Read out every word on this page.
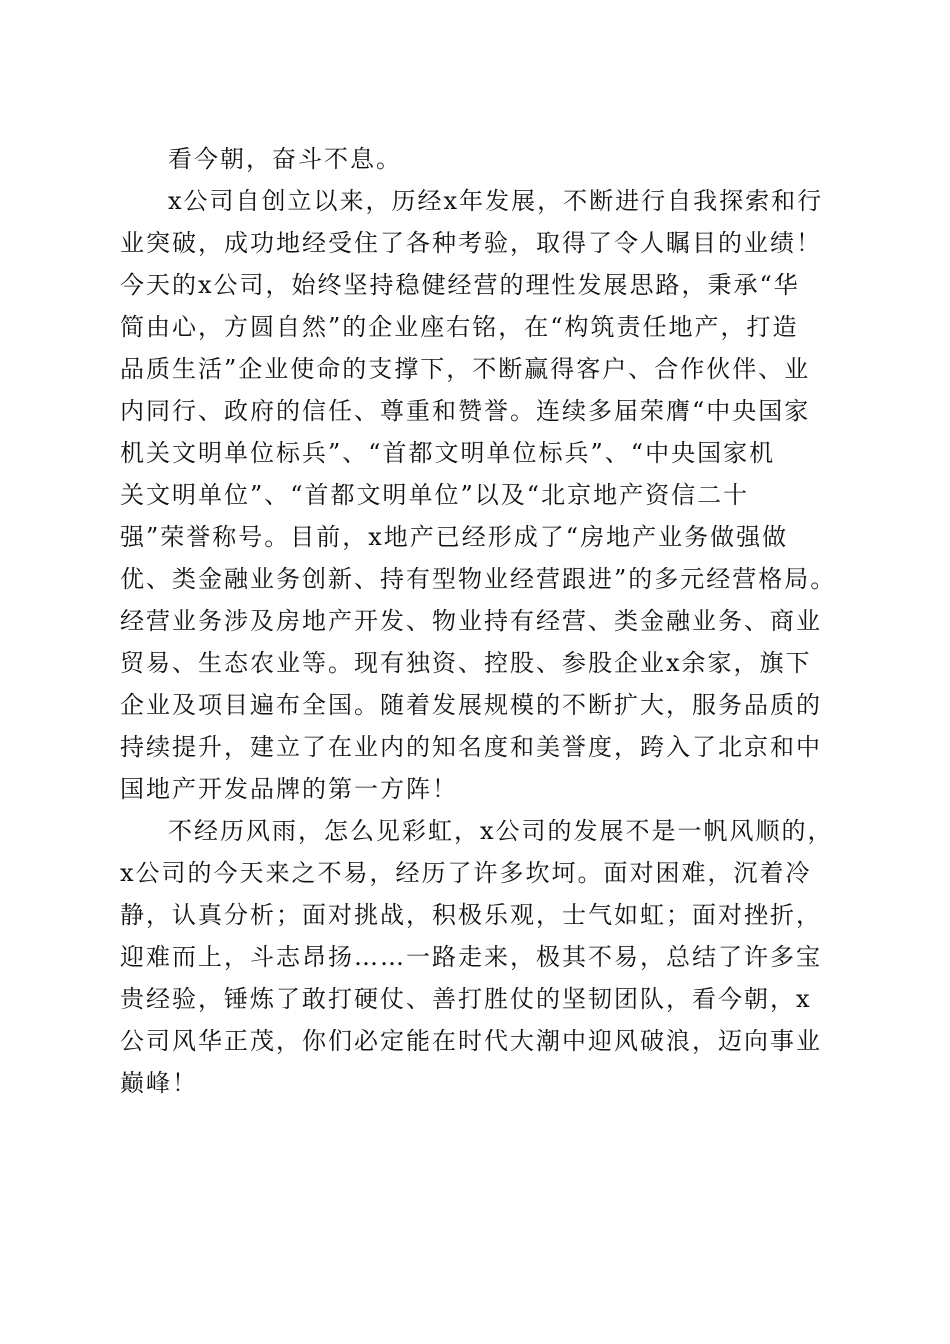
看今朝，奋斗不息。
x公司自创立以来，历经x年发展，不断进行自我探索和行
业突破，成功地经受住了各种考验，取得了令人瞩目的业绩！
今天的x公司，始终坚持稳健经营的理性发展思路，秉承“华
简由心，方圆自然”的企业座右铭，在“构筑责任地产，打造
品质生活”企业使命的支撑下，不断赢得客户、合作伙伴、业
内同行、政府的信任、尊重和赞誉。连续多届荣膺“中央国家
机关文明单位标兵”、“首都文明单位标兵”、“中央国家机
关文明单位”、“首都文明单位”以及“北京地产资信二十
强”荣誉称号。目前，x地产已经形成了“房地产业务做强做
优、类金融业务创新、持有型物业经营跟进”的多元经营格局。
经营业务涉及房地产开发、物业持有经营、类金融业务、商业
贸易、生态农业等。现有独资、控股、参股企业x余家，旗下
企业及项目遍布全国。随着发展规模的不断扩大，服务品质的
持续提升，建立了在业内的知名度和美誉度，跨入了北京和中
国地产开发品牌的第一方阵！
不经历风雨，怎么见彩虹，x公司的发展不是一帆风顺的，
x公司的今天来之不易，经历了许多坎坷。面对困难，沉着冷
静，认真分析；面对挑战，积极乐观，士气如虹；面对挫折，
迎难而上，斗志昂扬……一路走来，极其不易，总结了许多宝
贵经验，锤炼了敢打硬仗、善打胜仗的坚韧团队，看今朝，x
公司风华正茂，你们必定能在时代大潮中迎风破浪，迈向事业
巅峰！
